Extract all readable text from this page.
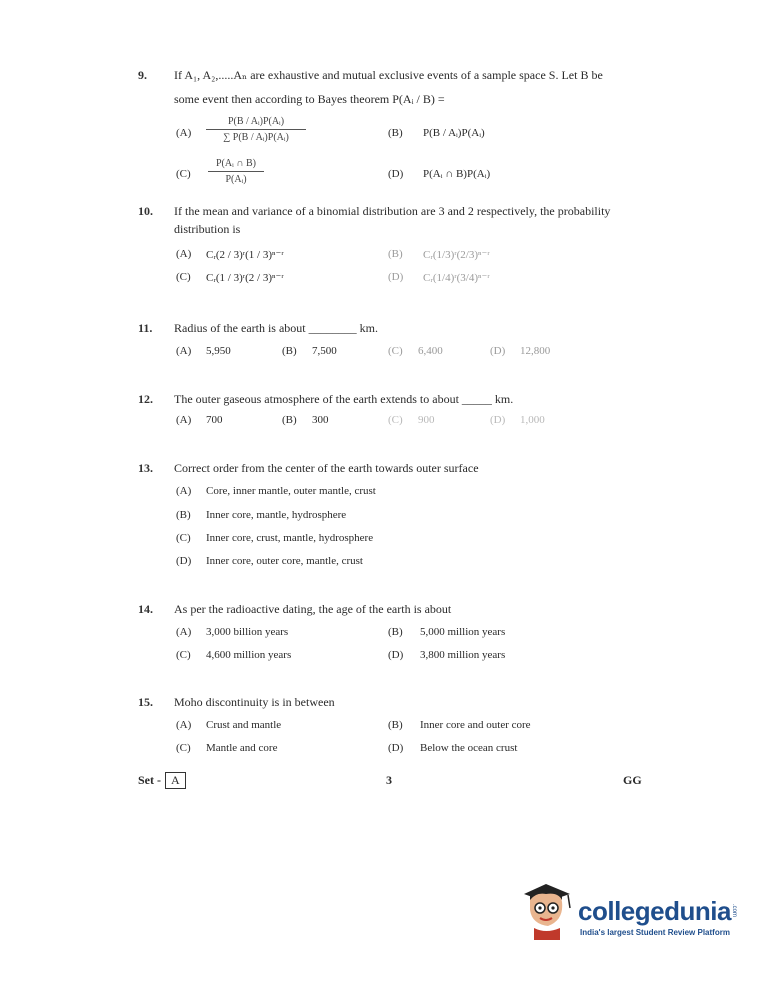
9. If A₁, A₂,.....Aₙ are exhaustive and mutual exclusive events of a sample space S. Let B be
some event then according to Bayes theorem P(Aᵢ / B) =
(A)
P(B / Aᵢ)P(Aᵢ)
∑ P(B / Aᵢ)P(Aᵢ)	(B) P(B / Aᵢ)P(Aᵢ)
(C)
P(Aᵢ ∩ B)
P(Aᵢ)	(D) P(Aᵢ ∩ B)P(Aᵢ)
10. If the mean and variance of a binomial distribution are 3 and 2 respectively, the probability
distribution is
(A) Cᵣ(2 / 3)ʳ(1 / 3)ⁿ⁻ʳ	(B) Cᵣ(1/3)ʳ(2/3)ⁿ⁻ʳ
(C) Cᵣ(1 / 3)ʳ(2 / 3)ⁿ⁻ʳ	(D) Cᵣ(1/4)ʳ(3/4)ⁿ⁻ʳ
11. Radius of the earth is about ________ km.
(A) 5,950	(B) 7,500	(C) 6,400	(D) 12,800
12. The outer gaseous atmosphere of the earth extends to about _____ km.
(A) 700	(B) 300	(C) 900	(D) 1,000
13. Correct order from the center of the earth towards outer surface
(A) Core, inner mantle, outer mantle, crust
(B) Inner core, mantle, hydrosphere
(C) Inner core, crust, mantle, hydrosphere
(D) Inner core, outer core, mantle, crust
14. As per the radioactive dating, the age of the earth is about
(A) 3,000 billion years	(B) 5,000 million years
(C) 4,600 million years	(D) 3,800 million years
15. Moho discontinuity is in between
(A) Crust and mantle	(B) Inner core and outer core
(C) Mantle and core	(D) Below the ocean crust
Set - A	3	GG
collegedunia .com
India's largest Student Review Platform
